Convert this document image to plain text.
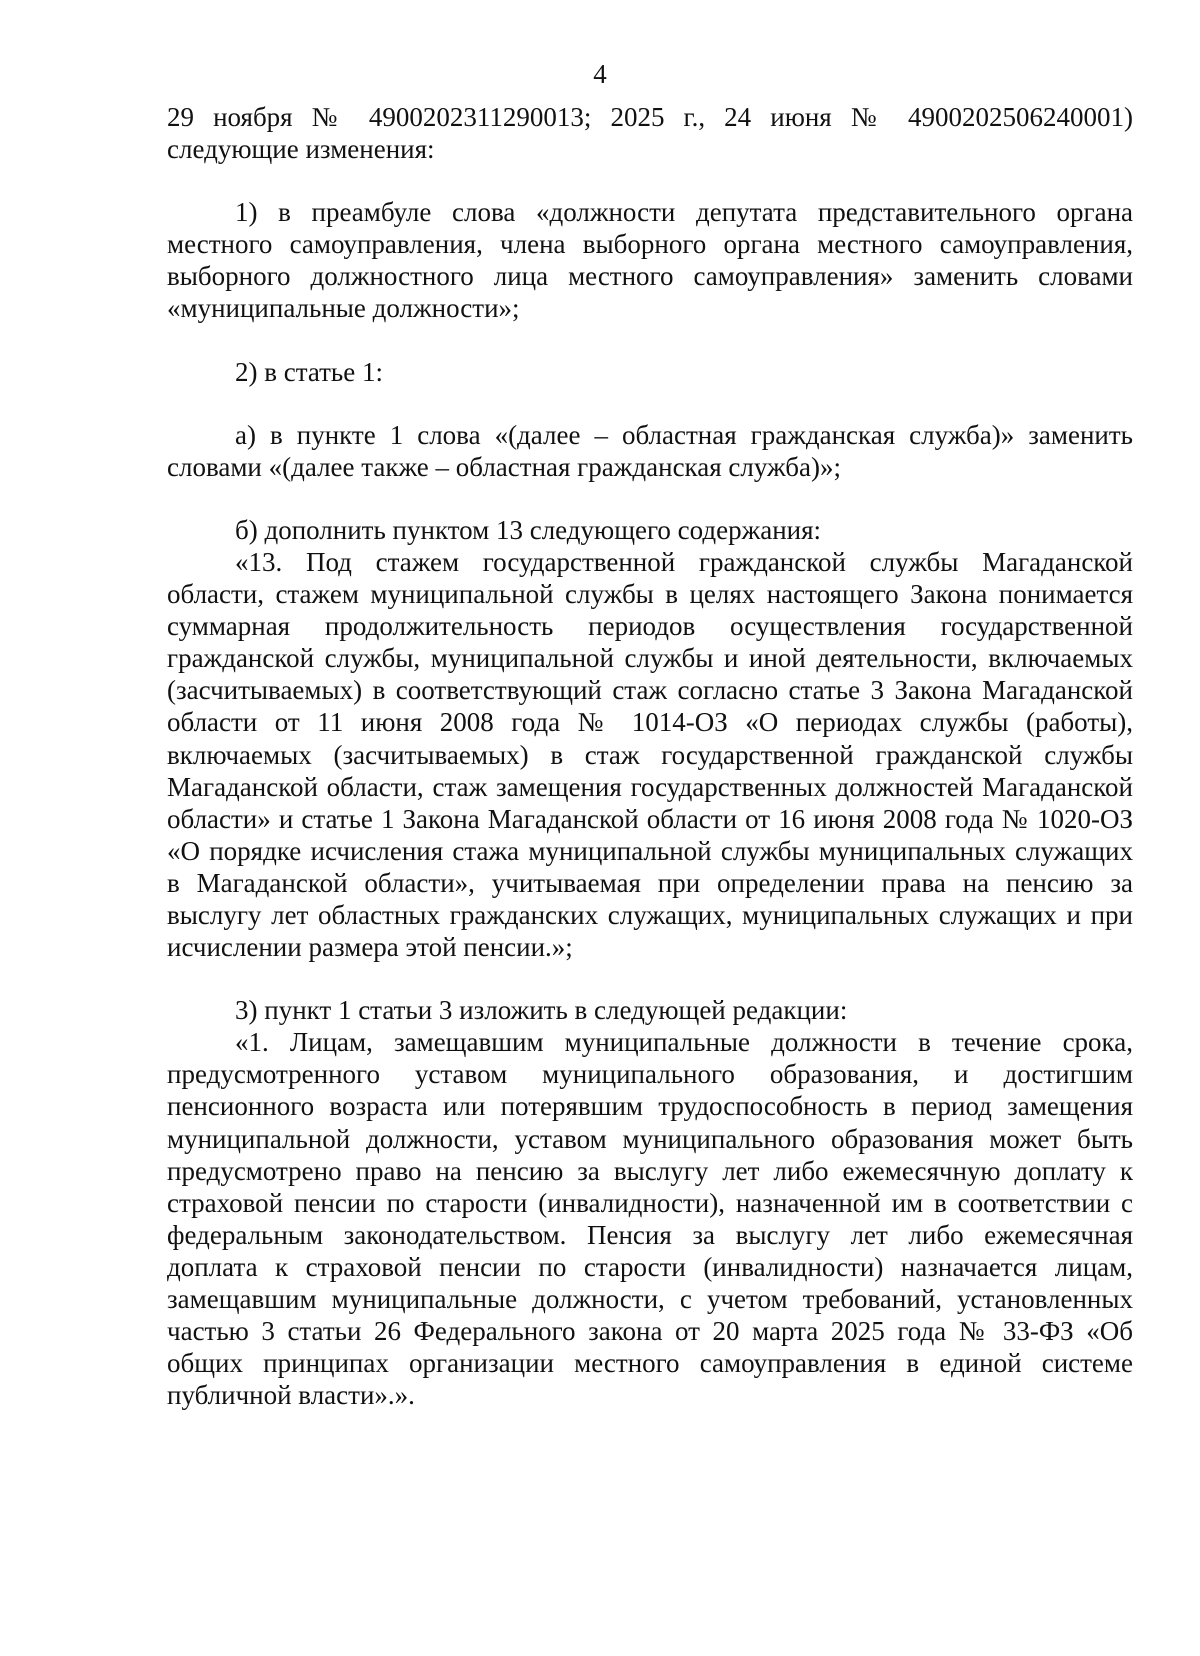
4

29 ноября № 4900202311290013; 2025 г., 24 июня № 4900202506240001) следующие изменения:

1) в преамбуле слова «должности депутата представительного органа местного самоуправления, члена выборного органа местного самоуправления, выборного должностного лица местного самоуправления» заменить словами «муниципальные должности»;

2) в статье 1:

а) в пункте 1 слова «(далее – областная гражданская служба)» заменить словами «(далее также – областная гражданская служба)»;

б) дополнить пунктом 13 следующего содержания:

«13. Под стажем государственной гражданской службы Магаданской области, стажем муниципальной службы в целях настоящего Закона понимается суммарная продолжительность периодов осуществления государственной гражданской службы, муниципальной службы и иной деятельности, включаемых (засчитываемых) в соответствующий стаж согласно статье 3 Закона Магаданской области от 11 июня 2008 года № 1014-ОЗ «О периодах службы (работы), включаемых (засчитываемых) в стаж государственной гражданской службы Магаданской области, стаж замещения государственных должностей Магаданской области» и статье 1 Закона Магаданской области от 16 июня 2008 года № 1020-ОЗ «О порядке исчисления стажа муниципальной службы муниципальных служащих в Магаданской области», учитываемая при определении права на пенсию за выслугу лет областных гражданских служащих, муниципальных служащих и при исчислении размера этой пенсии.»;

3) пункт 1 статьи 3 изложить в следующей редакции:

«1. Лицам, замещавшим муниципальные должности в течение срока, предусмотренного уставом муниципального образования, и достигшим пенсионного возраста или потерявшим трудоспособность в период замещения муниципальной должности, уставом муниципального образования может быть предусмотрено право на пенсию за выслугу лет либо ежемесячную доплату к страховой пенсии по старости (инвалидности), назначенной им в соответствии с федеральным законодательством. Пенсия за выслугу лет либо ежемесячная доплата к страховой пенсии по старости (инвалидности) назначается лицам, замещавшим муниципальные должности, с учетом требований, установленных частью 3 статьи 26 Федерального закона от 20 марта 2025 года № 33-ФЗ «Об общих принципах организации местного самоуправления в единой системе публичной власти».».
